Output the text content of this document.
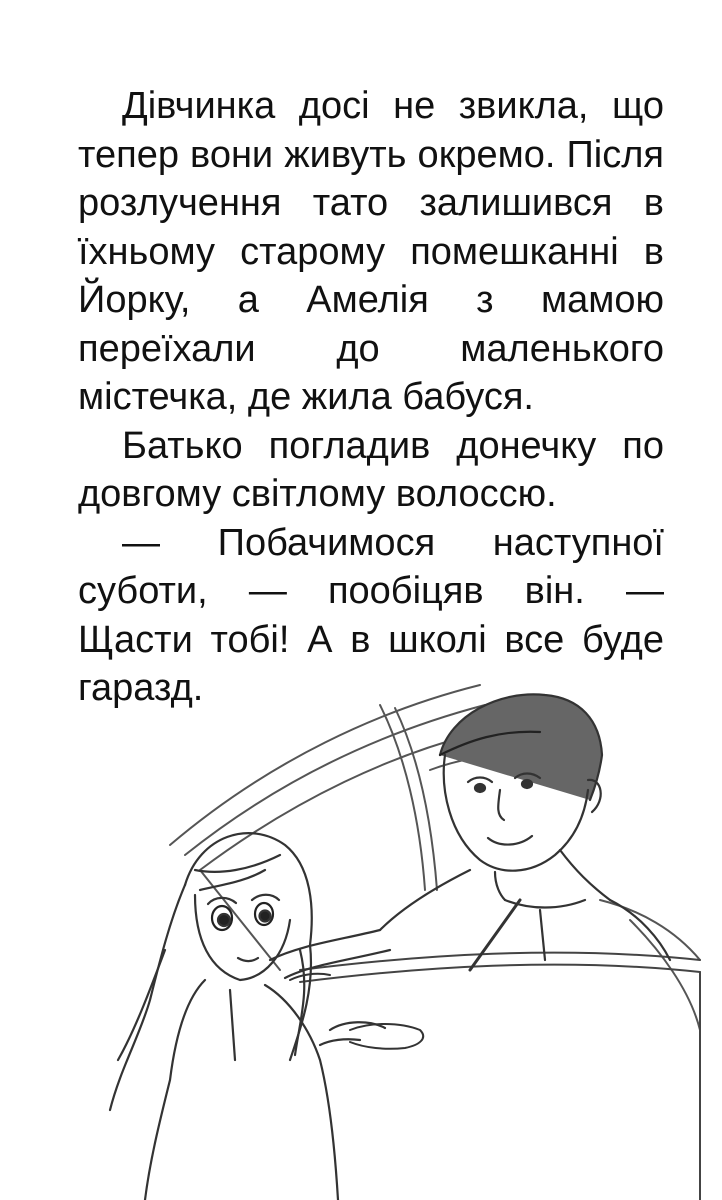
Дівчинка досі не звикла, що тепер вони живуть окремо. Після розлучення тато залишився в їхньому старому помешканні в Йорку, а Амелія з мамою переїхали до маленького містечка, де жила бабуся.

Батько погладив донечку по довгому світлому волоссю.

— Побачимося наступної суботи, — пообіцяв він. — Щасти тобі! А в школі все буде гаразд.
